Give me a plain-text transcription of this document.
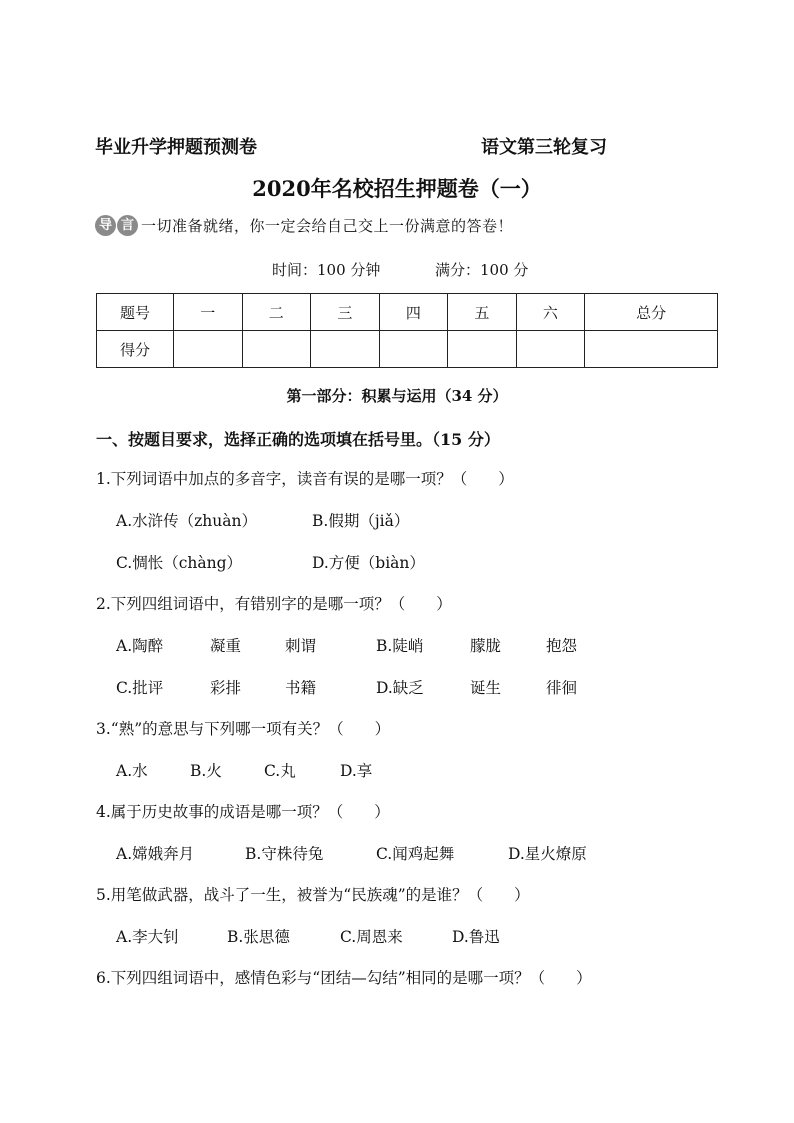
毕业升学押题预测卷	语文第三轮复习
2020年名校招生押题卷（一）
导 言 一切准备就绪，你一定会给自己交上一份满意的答卷！
时间：100 分钟	满分：100 分
题号	一	二	三	四	五	六	总分
得分							
第一部分：积累与运用（34 分）
一、按题目要求，选择正确的选项填在括号里。（15 分）
1.下列词语中加点的多音字，读音有误的是哪一项？（　　）
A.水浒传（zhuàn）	B.假期（jiǎ）
C.惆怅（chàng）	D.方便（biàn）
2.下列四组词语中，有错别字的是哪一项？（　　）
A.陶醉	凝重	刺谓	B.陡峭	朦胧	抱怨
C.批评	彩排	书籍	D.缺乏	诞生	徘徊
3.“熟”的意思与下列哪一项有关？（　　）
A.水	B.火	C.丸	D.享
4.属于历史故事的成语是哪一项？（　　）
A.嫦娥奔月	B.守株待兔	C.闻鸡起舞	D.星火燎原
5.用笔做武器，战斗了一生，被誉为“民族魂”的是谁？（　　）
A.李大钊	B.张思德	C.周恩来	D.鲁迅
6.下列四组词语中，感情色彩与“团结—勾结”相同的是哪一项？（　　）
